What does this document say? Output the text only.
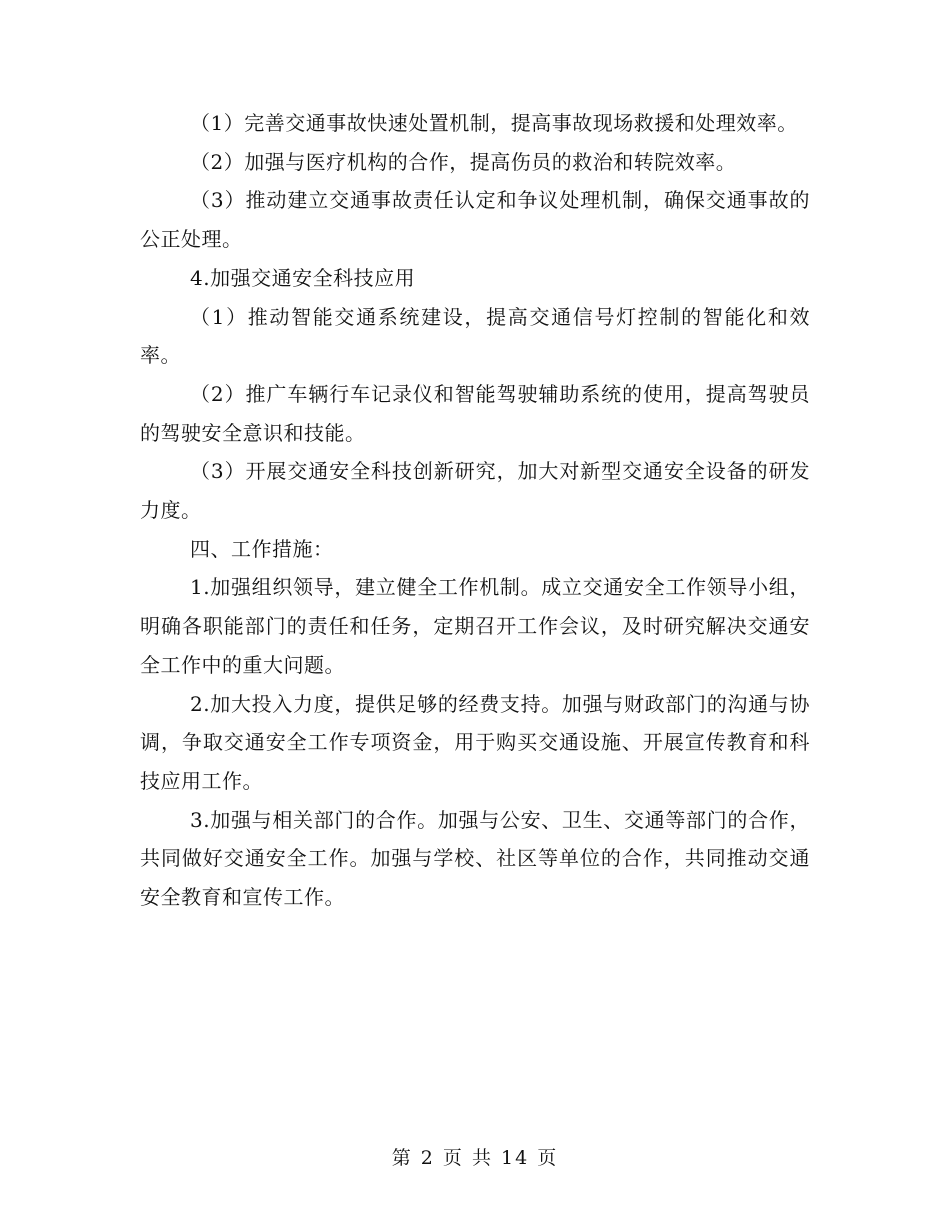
（1）完善交通事故快速处置机制，提高事故现场救援和处理效率。

（2）加强与医疗机构的合作，提高伤员的救治和转院效率。

（3）推动建立交通事故责任认定和争议处理机制，确保交通事故的公正处理。

4.加强交通安全科技应用

（1）推动智能交通系统建设，提高交通信号灯控制的智能化和效率。

（2）推广车辆行车记录仪和智能驾驶辅助系统的使用，提高驾驶员的驾驶安全意识和技能。

（3）开展交通安全科技创新研究，加大对新型交通安全设备的研发力度。

四、工作措施：

1.加强组织领导，建立健全工作机制。成立交通安全工作领导小组，明确各职能部门的责任和任务，定期召开工作会议，及时研究解决交通安全工作中的重大问题。

2.加大投入力度，提供足够的经费支持。加强与财政部门的沟通与协调，争取交通安全工作专项资金，用于购买交通设施、开展宣传教育和科技应用工作。

3.加强与相关部门的合作。加强与公安、卫生、交通等部门的合作，共同做好交通安全工作。加强与学校、社区等单位的合作，共同推动交通安全教育和宣传工作。

第 2 页 共 14 页
